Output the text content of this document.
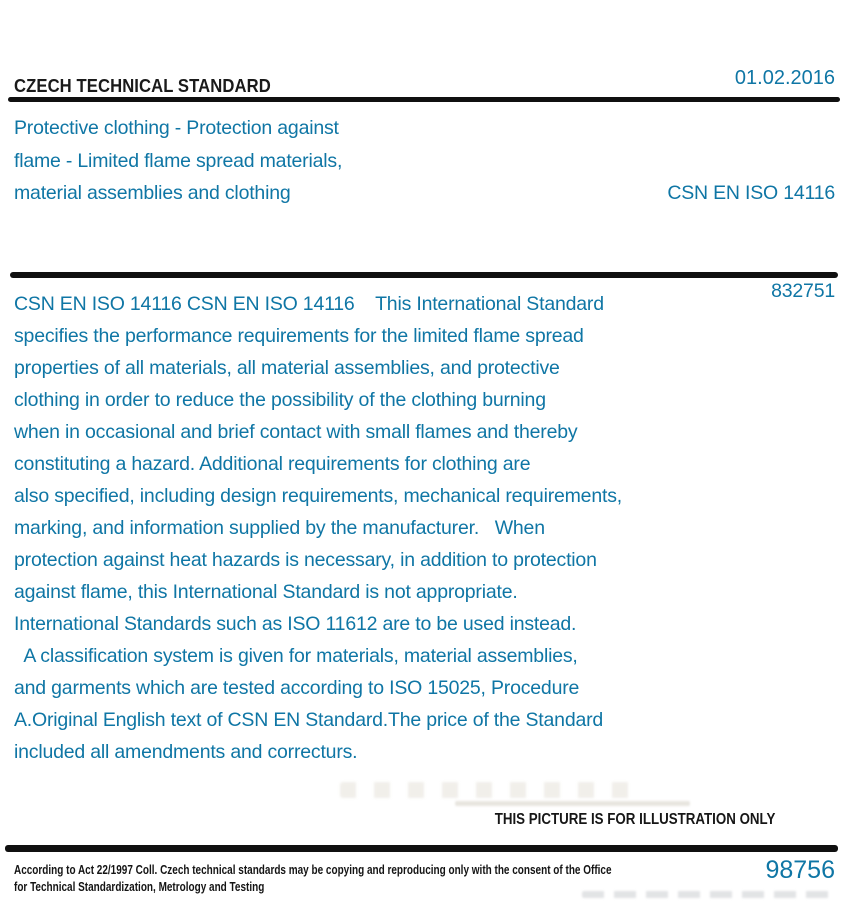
CZECH TECHNICAL STANDARD	01.02.2016
Protective clothing - Protection against
flame - Limited flame spread materials,
material assemblies and clothing

	CSN EN ISO 14116

832751

CSN EN ISO 14116 CSN EN ISO 14116    This International Standard
specifies the performance requirements for the limited flame spread
properties of all materials, all material assemblies, and protective
clothing in order to reduce the possibility of the clothing burning
when in occasional and brief contact with small flames and thereby
constituting a hazard. Additional requirements for clothing are
also specified, including design requirements, mechanical requirements,
marking, and information supplied by the manufacturer.   When
protection against heat hazards is necessary, in addition to protection
against flame, this International Standard is not appropriate.
International Standards such as ISO 11612 are to be used instead.
A classification system is given for materials, material assemblies,
and garments which are tested according to ISO 15025, Procedure
A.Original English text of CSN EN Standard.The price of the Standard
included all amendments and correcturs.
THIS PICTURE IS FOR ILLUSTRATION ONLY
According to Act 22/1997 Coll. Czech technical standards may be copying and reproducing only with the consent of the Office
for Technical Standardization, Metrology and Testing
98756
